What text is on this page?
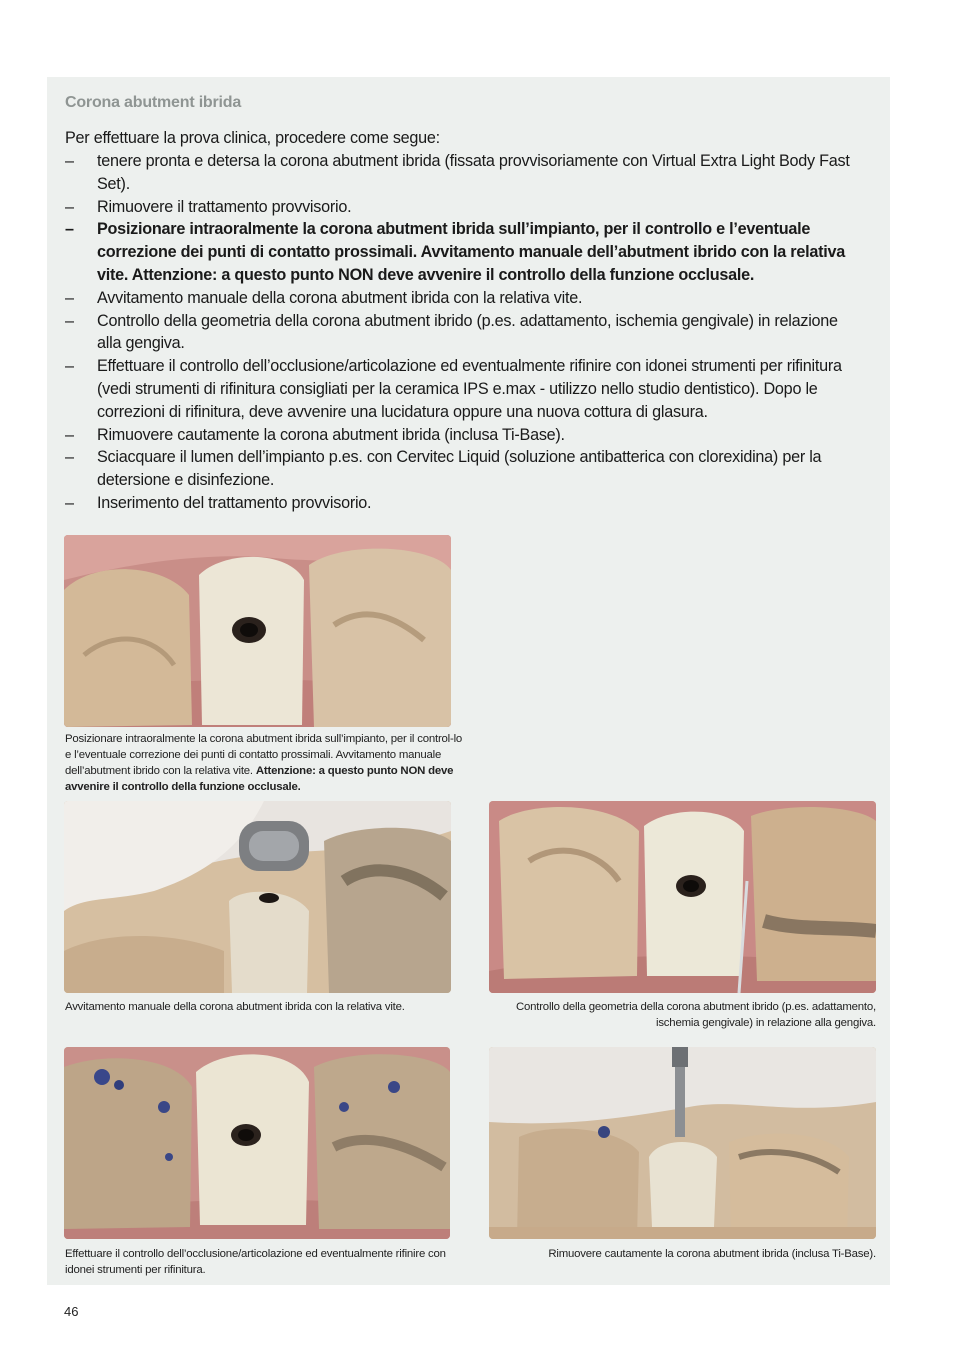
Corona abutment ibrida
Per effettuare la prova clinica, procedere come segue:
– tenere pronta e detersa la corona abutment ibrida (fissata provvisoriamente con Virtual Extra Light Body Fast Set).
– Rimuovere il trattamento provvisorio.
– Posizionare intraoralmente la corona abutment ibrida sull’impianto, per il controllo e l’eventuale correzione dei punti di contatto prossimali. Avvitamento manuale dell’abutment ibrido con la relativa vite. Attenzione: a questo punto NON deve avvenire il controllo della funzione occlusale.
– Avvitamento manuale della corona abutment ibrida con la relativa vite.
– Controllo della geometria della corona abutment ibrido (p.es. adattamento, ischemia gengivale) in relazione alla gengiva.
– Effettuare il controllo dell’occlusione/articolazione ed eventualmente rifinire con idonei strumenti per rifinitura (vedi strumenti di rifinitura consigliati per la ceramica IPS e.max - utilizzo nello studio dentistico). Dopo le correzioni di rifinitura, deve avvenire una lucidatura oppure una nuova cottura di glasura.
– Rimuovere cautamente la corona abutment ibrida (inclusa Ti-Base).
– Sciacquare il lumen dell’impianto p.es. con Cervitec Liquid (soluzione antibatterica con clorexidina) per la detersione e disinfezione.
– Inserimento del trattamento provvisorio.
Posizionare intraoralmente la corona abutment ibrida sull’impianto, per il control-lo e l’eventuale correzione dei punti di contatto prossimali. Avvitamento manuale dell’abutment ibrido con la relativa vite. Attenzione: a questo punto NON deve avvenire il controllo della funzione occlusale.
Avvitamento manuale della corona abutment ibrida con la relativa vite.	Controllo della geometria della corona abutment ibrido (p.es. adattamento, ischemia gengivale) in relazione alla gengiva.
Effettuare il controllo dell’occlusione/articolazione ed eventualmente rifinire con idonei strumenti per rifinitura.
Rimuovere cautamente la corona abutment ibrida (inclusa Ti-Base).
46
